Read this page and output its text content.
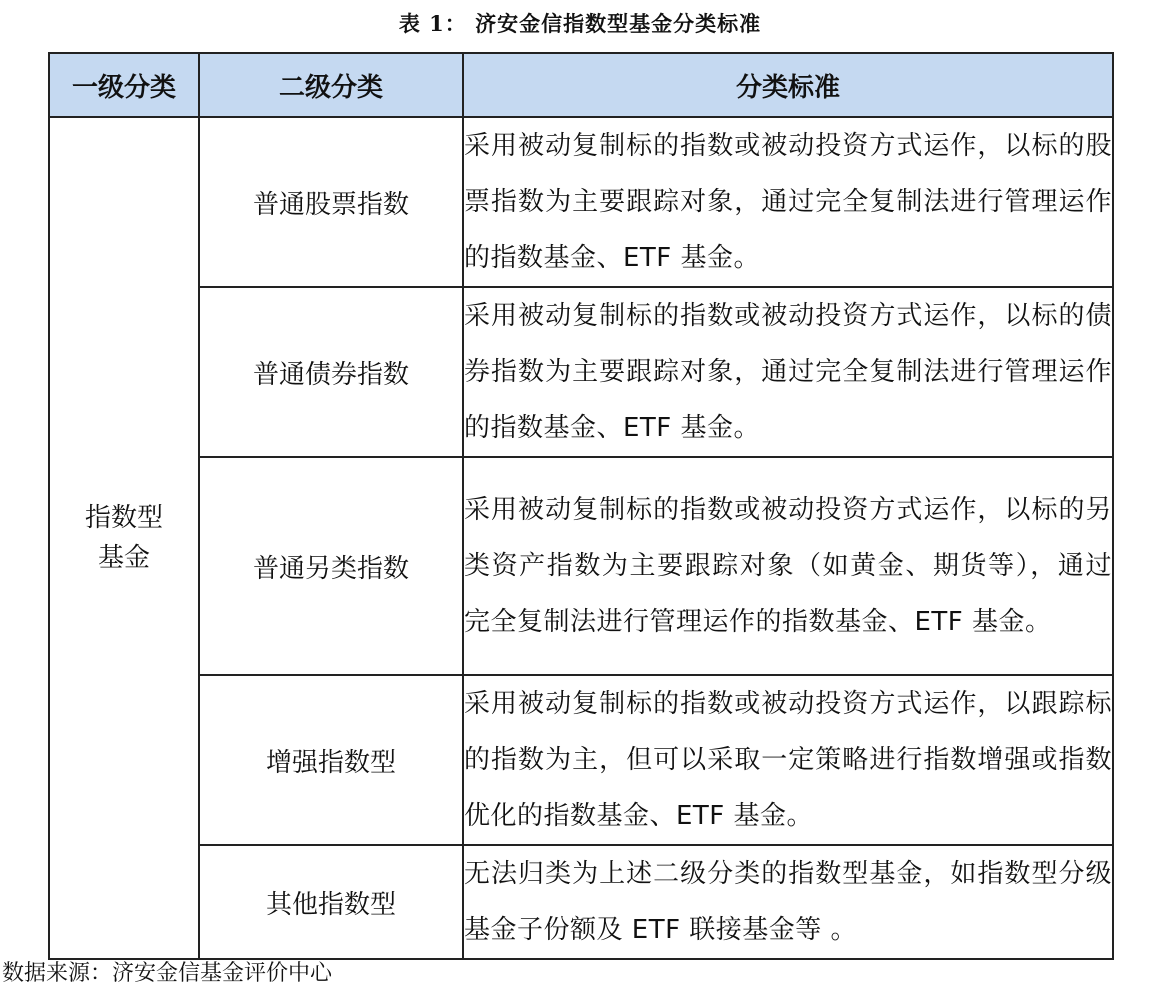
表 1： 济安金信指数型基金分类标准
一级分类	二级分类	分类标准

指数型
基金	普通股票指数	采用被动复制标的指数或被动投资方式运作，以标的股票指数为主要跟踪对象，通过完全复制法进行管理运作的指数基金、ETF 基金。
	普通债券指数	采用被动复制标的指数或被动投资方式运作，以标的债券指数为主要跟踪对象，通过完全复制法进行管理运作的指数基金、ETF 基金。
	普通另类指数	采用被动复制标的指数或被动投资方式运作，以标的另类资产指数为主要跟踪对象（如黄金、期货等），通过完全复制法进行管理运作的指数基金、ETF 基金。
	增强指数型	采用被动复制标的指数或被动投资方式运作，以跟踪标的指数为主，但可以采取一定策略进行指数增强或指数优化的指数基金、ETF 基金。
	其他指数型	无法归类为上述二级分类的指数型基金，如指数型分级基金子份额及 ETF 联接基金等 。
数据来源：济安金信基金评价中心
